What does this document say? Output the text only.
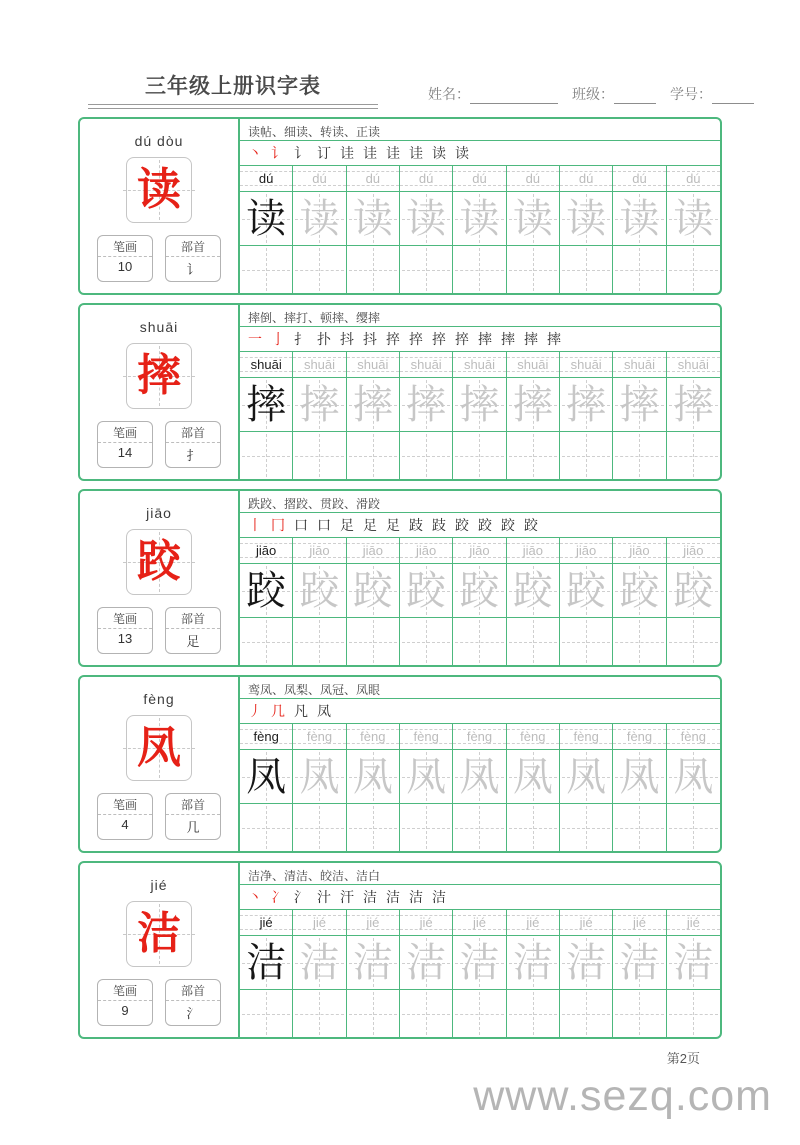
三年级上册识字表	姓名：	班级：	学号：
dú dòu
读
笔画
10
部首
讠
读帖、细读、转读、正读
丶 讠 讠 订 诖 诖 诖 诖 读 读
dú	dú	dú	dú	dú	dú	dú	dú	dú
读 读 读 读 读 读 读 读 读
shuāi
摔
笔画
14
部首
扌
摔倒、摔打、顿摔、缨摔
一 亅 扌 扑 抖 抖 捽 捽 捽 捽 摔 摔 摔 摔
shuāi shuāi shuāi shuāi shuāi shuāi shuāi shuāi shuāi
摔 摔 摔 摔 摔 摔 摔 摔 摔
jiāo
跤
笔画
13
部首
足
跌跤、摺跤、贯跤、滑跤
丨 冂 口 口 足 足 足 跂 跂 跤 跤 跤 跤
jiāo	jiāo	jiāo	jiāo	jiāo	jiāo	jiāo	jiāo	jiāo
跤 跤 跤 跤 跤 跤 跤 跤 跤
fèng
凤
笔画
4
部首
几
鸾凤、凤梨、凤冠、凤眼
丿 几 凡 凤
fèng fèng fèng fèng fèng fèng fèng fèng fèng
凤 凤 凤 凤 凤 凤 凤 凤 凤
jié
洁
笔画
9
部首
氵
洁净、清洁、皎洁、洁白
丶 冫 氵 汁 汗 洁 洁 洁 洁
jié	jié	jié	jié	jié	jié	jié	jié	jié
洁 洁 洁 洁 洁 洁 洁 洁 洁
第2页
www.sezq.com
